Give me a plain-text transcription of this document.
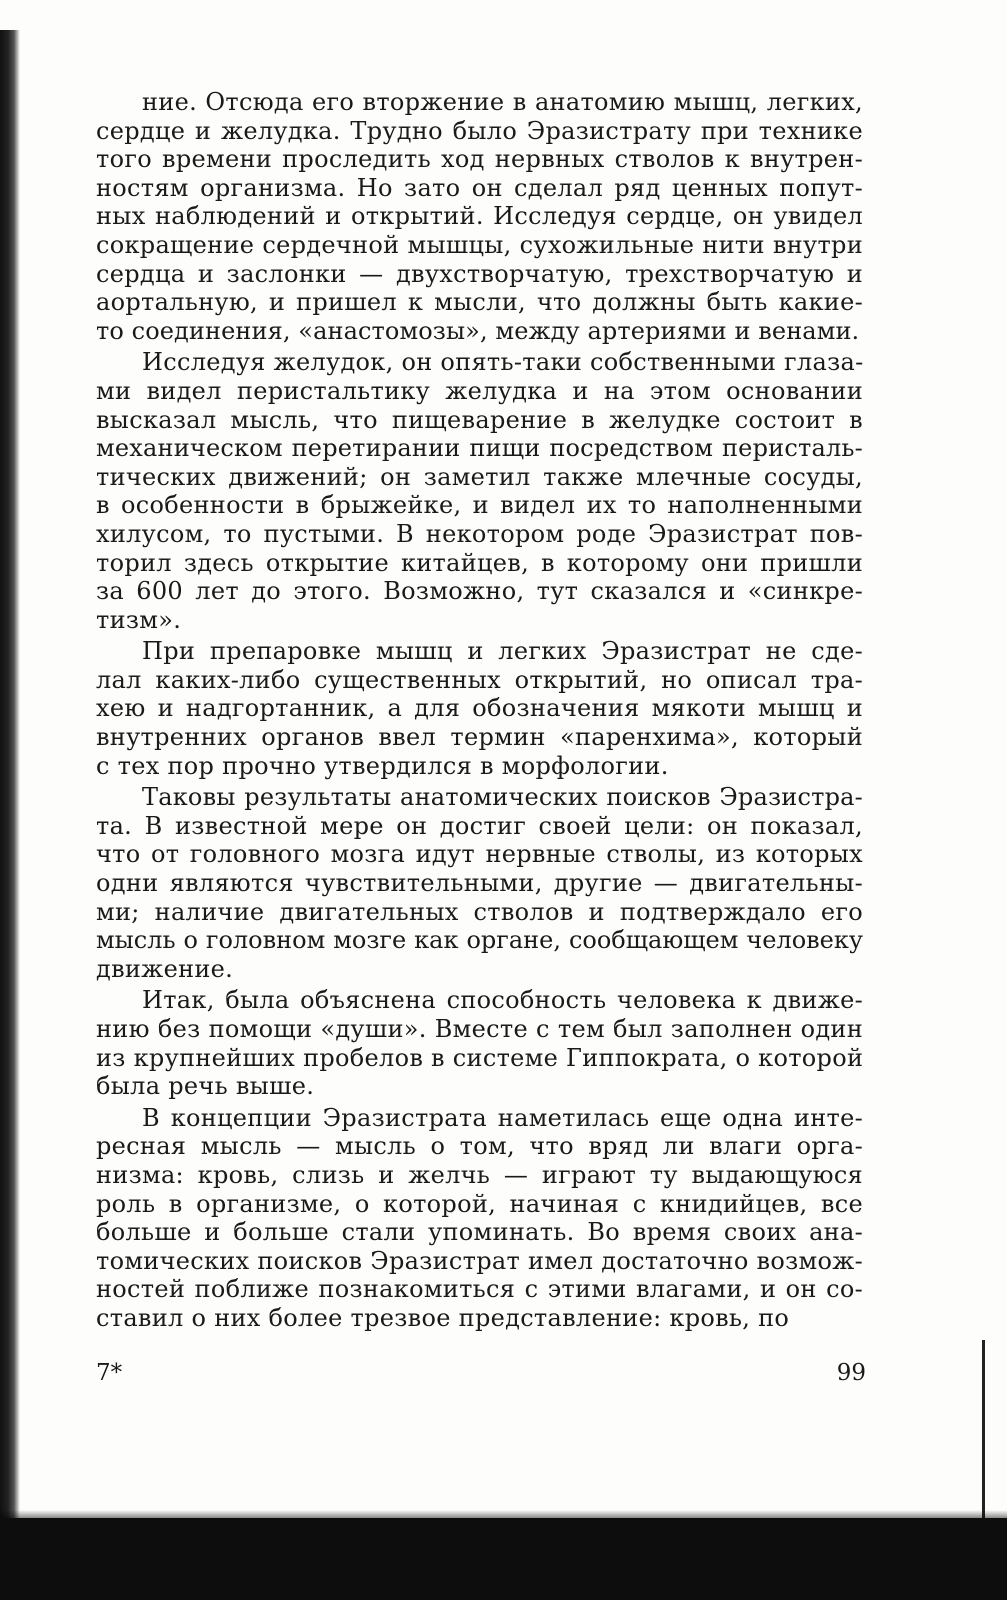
ние. Отсюда его вторжение в анатомию мышц, легких,
сердце и желудка. Трудно было Эразистрату при технике
того времени проследить ход нервных стволов к внутрен-
ностям организма. Но зато он сделал ряд ценных попут-
ных наблюдений и открытий. Исследуя сердце, он увидел
сокращение сердечной мышцы, сухожильные нити внутри
сердца и заслонки — двухстворчатую, трехстворчатую и
аортальную, и пришел к мысли, что должны быть какие-
то соединения, «анастомозы», между артериями и венами.
Исследуя желудок, он опять-таки собственными глаза-
ми видел перистальтику желудка и на этом основании
высказал мысль, что пищеварение в желудке состоит в
механическом перетирании пищи посредством перисталь-
тических движений; он заметил также млечные сосуды,
в особенности в брыжейке, и видел их то наполненными
хилусом, то пустыми. В некотором роде Эразистрат пов-
торил здесь открытие китайцев, в которому они пришли
за 600 лет до этого. Возможно, тут сказался и «синкре-
тизм».
При препаровке мышц и легких Эразистрат не сде-
лал каких-либо существенных открытий, но описал тра-
хею и надгортанник, а для обозначения мякоти мышц и
внутренних органов ввел термин «паренхима», который
с тех пор прочно утвердился в морфологии.
Таковы результаты анатомических поисков Эразистра-
та. В известной мере он достиг своей цели: он показал,
что от головного мозга идут нервные стволы, из которых
одни являются чувствительными, другие — двигательны-
ми; наличие двигательных стволов и подтверждало его
мысль о головном мозге как органе, сообщающем человеку
движение.
Итак, была объяснена способность человека к движе-
нию без помощи «души». Вместе с тем был заполнен один
из крупнейших пробелов в системе Гиппократа, о которой
была речь выше.
В концепции Эразистрата наметилась еще одна инте-
ресная мысль — мысль о том, что вряд ли влаги орга-
низма: кровь, слизь и желчь — играют ту выдающуюся
роль в организме, о которой, начиная с книдийцев, все
больше и больше стали упоминать. Во время своих ана-
томических поисков Эразистрат имел достаточно возмож-
ностей поближе познакомиться с этими влагами, и он со-
ставил о них более трезвое представление: кровь, по
7*	99
